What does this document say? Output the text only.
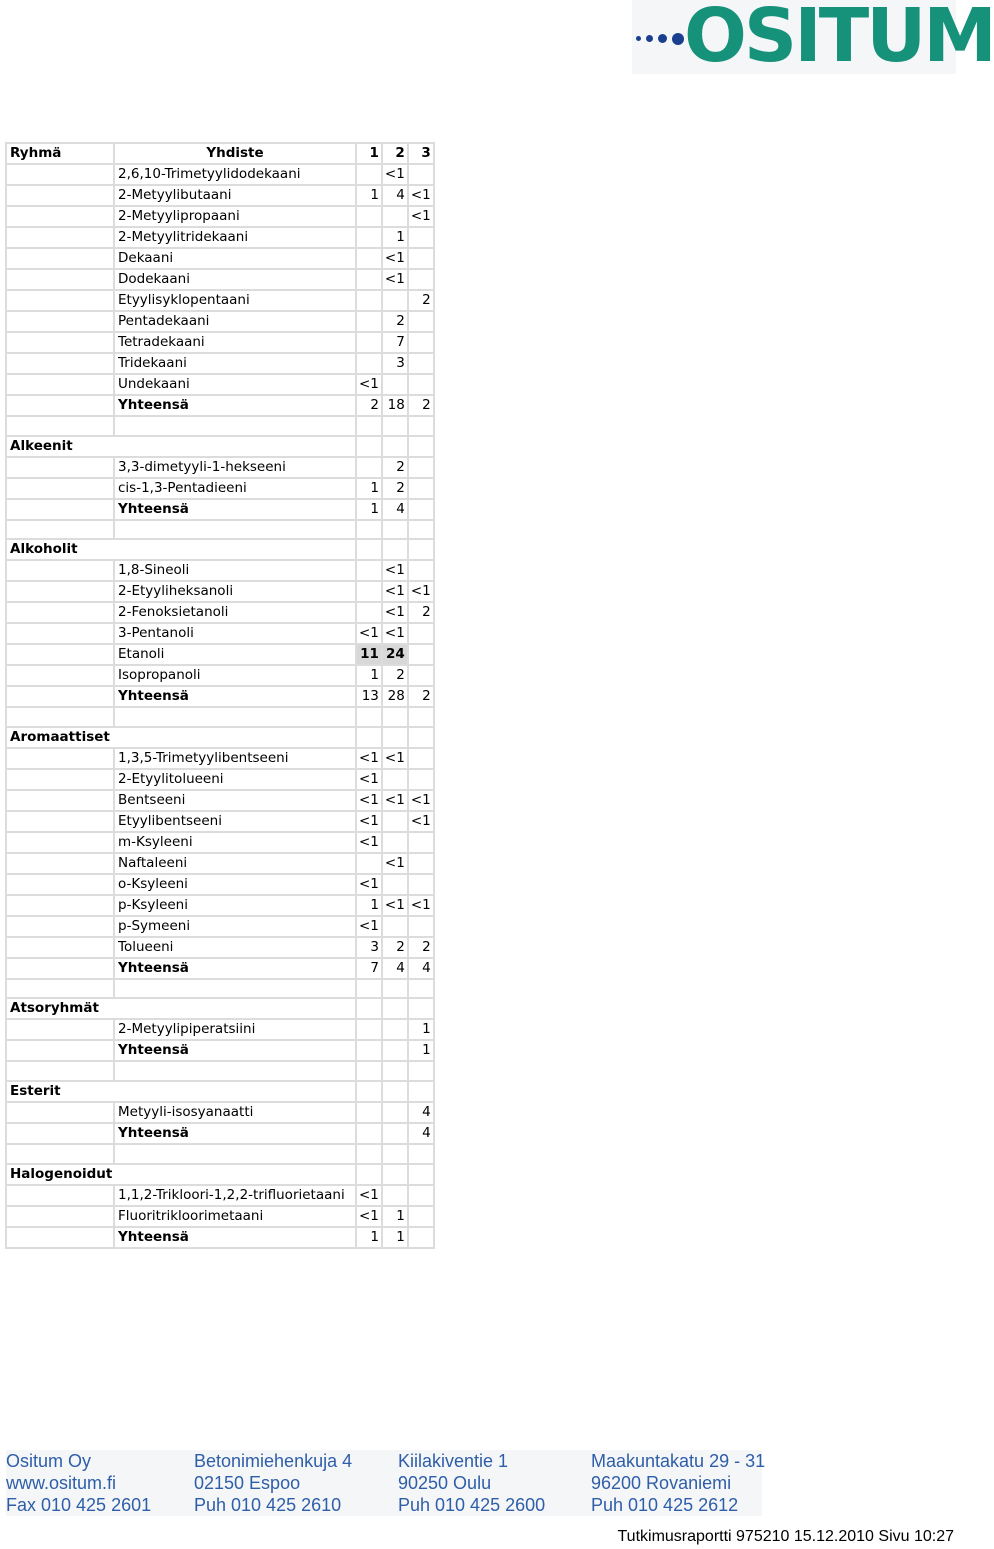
OSITUM
Ryhmä	Yhdiste	1	2	3

	2,6,10-Trimetyylidodekaani		<1	

	2-Metyylibutaani	1	4	<1

	2-Metyylipropaani			<1

	2-Metyylitridekaani		1	

	Dekaani		<1	

	Dodekaani		<1	

	Etyylisyklopentaani			2

	Pentadekaani		2	

	Tetradekaani		7	

	Tridekaani		3	

	Undekaani	<1		

	Yhteensä	2	18	2

Alkeenit				

	3,3-dimetyyli-1-hekseeni		2	

	cis-1,3-Pentadieeni	1	2	

	Yhteensä	1	4	

Alkoholit				

	1,8-Sineoli		<1	

	2-Etyyliheksanoli		<1	<1

	2-Fenoksietanoli		<1	2

	3-Pentanoli	<1	<1	

	Etanoli	11	24	

	Isopropanoli	1	2	

	Yhteensä	13	28	2

Aromaattiset				

	1,3,5-Trimetyylibentseeni	<1	<1	

	2-Etyylitolueeni	<1		

	Bentseeni	<1	<1	<1

	Etyylibentseeni	<1		<1

	m-Ksyleeni	<1		

	Naftaleeni		<1	

	o-Ksyleeni	<1		

	p-Ksyleeni	1	<1	<1

	p-Symeeni	<1		

	Tolueeni	3	2	2

	Yhteensä	7	4	4

Atsoryhmät				

	2-Metyylipiperatsiini			1

	Yhteensä			1

Esterit				

	Metyyli-isosyanaatti			4

	Yhteensä			4

Halogenoidut				

	1,1,2-Trikloori-1,2,2-trifluorietaani	<1		

	Fluoritrikloorimetaani	<1	1	

	Yhteensä	1	1	
Ositum Oy
www.ositum.fi
Fax 010 425 2601
Betonimiehenkuja 4
02150 Espoo
Puh 010 425 2610
Kiilakiventie 1
90250 Oulu
Puh 010 425 2600
Maakuntakatu 29 - 31
96200 Rovaniemi
Puh 010 425 2612
Tutkimusraportti 975210 15.12.2010 Sivu 10:27
